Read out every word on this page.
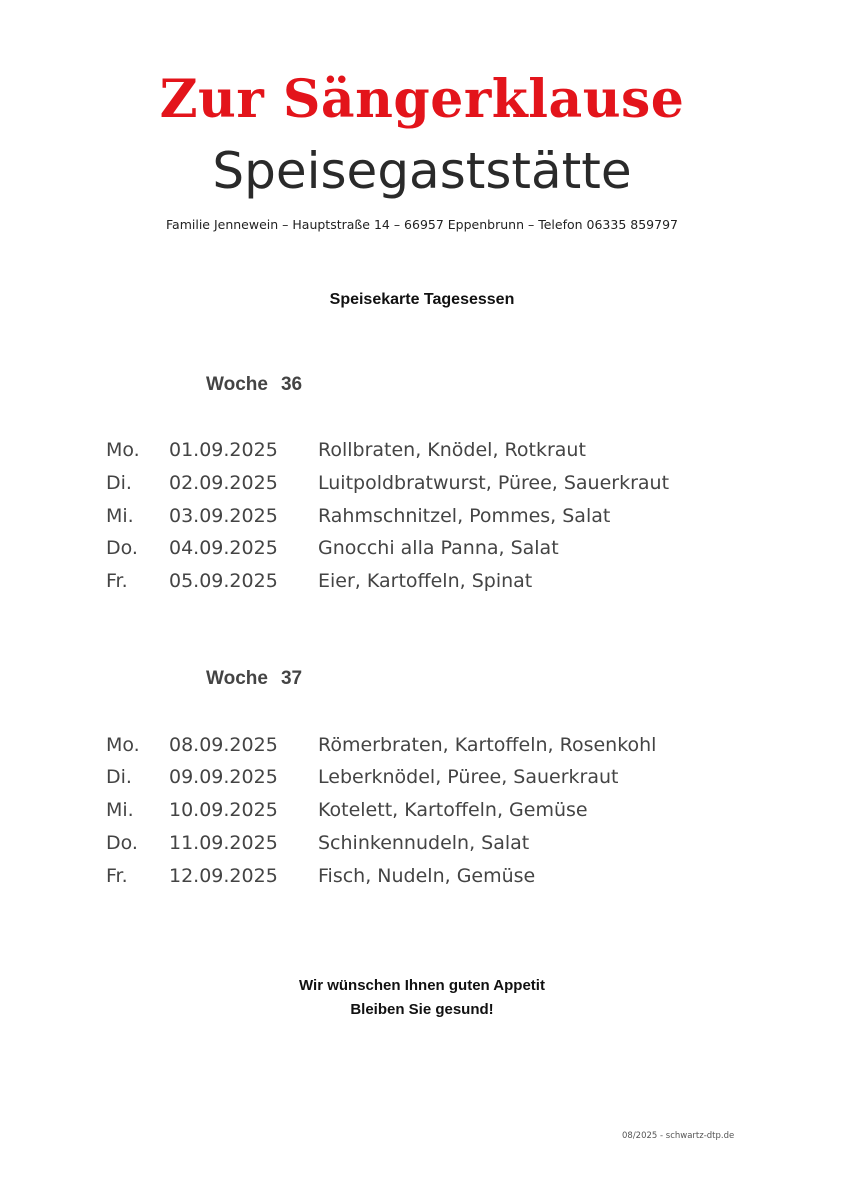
Zur Sängerklause
Speisegaststätte
Familie Jennewein – Hauptstraße 14 – 66957 Eppenbrunn – Telefon 06335 859797
Speisekarte Tagesessen
Woche 36
Mo. 01.09.2025 Rollbraten, Knödel, Rotkraut
Di. 02.09.2025 Luitpoldbratwurst, Püree, Sauerkraut
Mi. 03.09.2025 Rahmschnitzel, Pommes, Salat
Do. 04.09.2025 Gnocchi alla Panna, Salat
Fr. 05.09.2025 Eier, Kartoffeln, Spinat
Woche 37
Mo. 08.09.2025 Römerbraten, Kartoffeln, Rosenkohl
Di. 09.09.2025 Leberknödel, Püree, Sauerkraut
Mi. 10.09.2025 Kotelett, Kartoffeln, Gemüse
Do. 11.09.2025 Schinkennudeln, Salat
Fr. 12.09.2025 Fisch, Nudeln, Gemüse
Wir wünschen Ihnen guten Appetit
Bleiben Sie gesund!
08/2025 - schwartz-dtp.de
